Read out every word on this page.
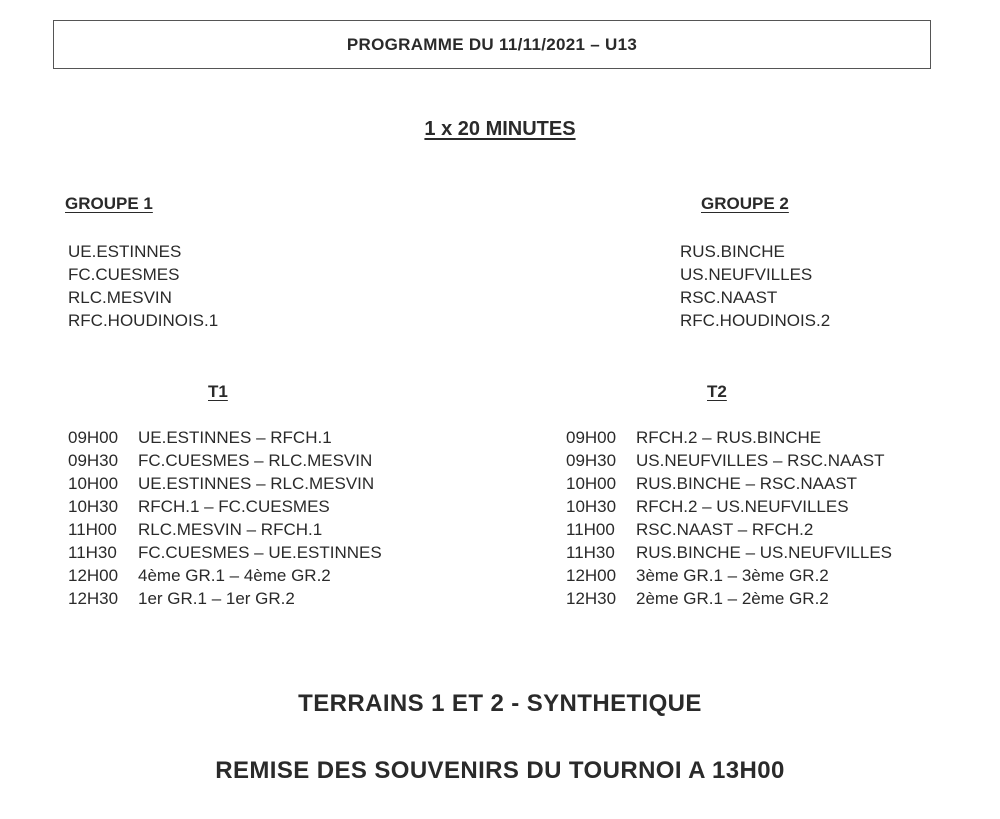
PROGRAMME DU 11/11/2021 – U13
1 x 20 MINUTES
GROUPE 1
UE.ESTINNES
FC.CUESMES
RLC.MESVIN
RFC.HOUDINOIS.1
GROUPE 2
RUS.BINCHE
US.NEUFVILLES
RSC.NAAST
RFC.HOUDINOIS.2
T1
09H00 UE.ESTINNES – RFCH.1
09H30 FC.CUESMES – RLC.MESVIN
10H00 UE.ESTINNES – RLC.MESVIN
10H30 RFCH.1 – FC.CUESMES
11H00 RLC.MESVIN – RFCH.1
11H30 FC.CUESMES – UE.ESTINNES
12H00 4ème GR.1 – 4ème GR.2
12H30 1er GR.1 – 1er GR.2
T2
09H00 RFCH.2 – RUS.BINCHE
09H30 US.NEUFVILLES – RSC.NAAST
10H00 RUS.BINCHE – RSC.NAAST
10H30 RFCH.2 – US.NEUFVILLES
11H00 RSC.NAAST – RFCH.2
11H30 RUS.BINCHE – US.NEUFVILLES
12H00 3ème GR.1 – 3ème GR.2
12H30 2ème GR.1 – 2ème GR.2
TERRAINS 1 ET 2 - SYNTHETIQUE
REMISE DES SOUVENIRS DU TOURNOI A 13H00
